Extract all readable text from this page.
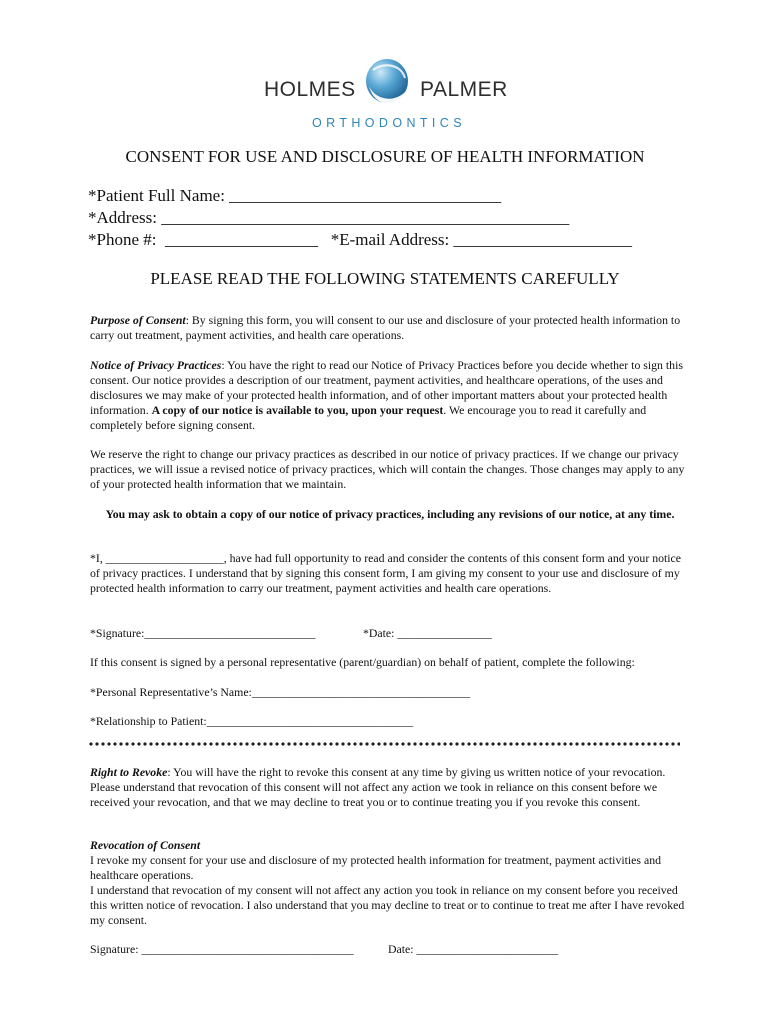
HOLMES	PALMER
ORTHODONTICS
CONSENT FOR USE AND DISCLOSURE OF HEALTH INFORMATION
*Patient Full Name: ________________________________
*Address: ________________________________________________
*Phone #:  __________________   *E-mail Address: _____________________
PLEASE READ THE FOLLOWING STATEMENTS CAREFULLY
Purpose of Consent: By signing this form, you will consent to our use and disclosure of your protected health information to carry out treatment, payment activities, and health care operations.
Notice of Privacy Practices: You have the right to read our Notice of Privacy Practices before you decide whether to sign this consent. Our notice provides a description of our treatment, payment activities, and healthcare operations, of the uses and disclosures we may make of your protected health information, and of other important matters about your protected health information. A copy of our notice is available to you, upon your request. We encourage you to read it carefully and completely before signing consent.
We reserve the right to change our privacy practices as described in our notice of privacy practices. If we change our privacy practices, we will issue a revised notice of privacy practices, which will contain the changes. Those changes may apply to any of your protected health information that we maintain.
You may ask to obtain a copy of our notice of privacy practices, including any revisions of our notice, at any time.
*I, ____________________, have had full opportunity to read and consider the contents of this consent form and your notice of privacy practices. I understand that by signing this consent form, I am giving my consent to your use and disclosure of my protected health information to carry our treatment, payment activities and health care operations.
*Signature:_____________________________	*Date: ________________
If this consent is signed by a personal representative (parent/guardian) on behalf of patient, complete the following:
*Personal Representative’s Name:_____________________________________
*Relationship to Patient:___________________________________
Right to Revoke: You will have the right to revoke this consent at any time by giving us written notice of your revocation. Please understand that revocation of this consent will not affect any action we took in reliance on this consent before we received your revocation, and that we may decline to treat you or to continue treating you if you revoke this consent.
Revocation of Consent
I revoke my consent for your use and disclosure of my protected health information for treatment, payment activities and healthcare operations.
I understand that revocation of my consent will not affect any action you took in reliance on my consent before you received this written notice of revocation. I also understand that you may decline to treat or to continue to treat me after I have revoked my consent.
Signature: ____________________________________	Date: ________________________
